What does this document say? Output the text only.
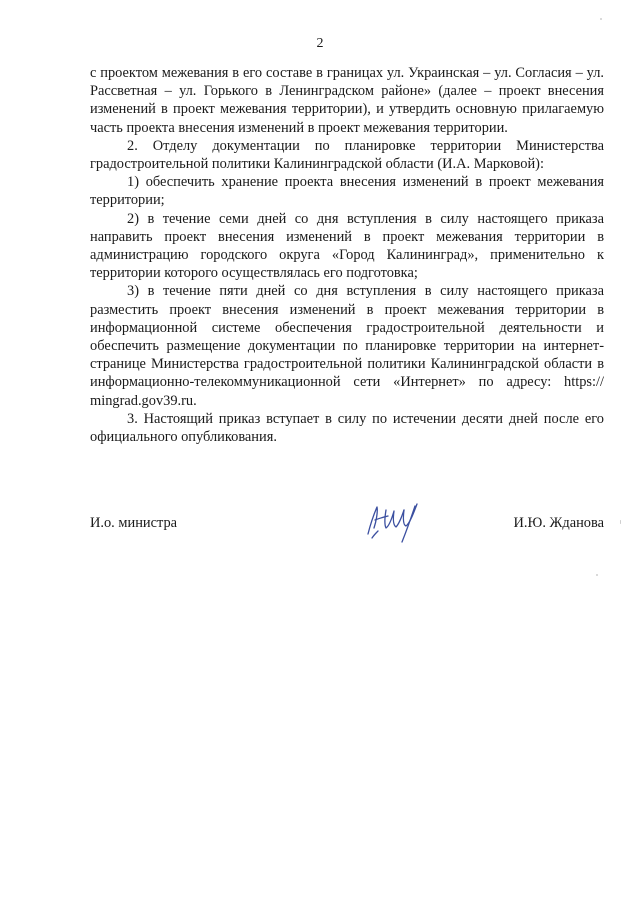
2

с проектом межевания в его составе в границах ул. Украинская – ул. Согласия – ул. Рассветная – ул. Горького в Ленинградском районе» (далее – проект внесения изменений в проект межевания территории), и утвердить основную прилагаемую часть проекта внесения изменений в проект межевания территории.

2. Отделу документации по планировке территории Министерства градостроительной политики Калининградской области (И.А. Марковой):

1) обеспечить хранение проекта внесения изменений в проект межевания территории;

2) в течение семи дней со дня вступления в силу настоящего приказа направить проект внесения изменений в проект межевания территории в администрацию городского округа «Город Калининград», применительно к территории которого осуществлялась его подготовка;

3) в течение пяти дней со дня вступления в силу настоящего приказа разместить проект внесения изменений в проект межевания территории в информационной системе обеспечения градостроительной деятельности и обеспечить размещение документации по планировке территории на интернет-странице Министерства градостроительной политики Калининградской области в информационно-телекоммуникационной сети «Интернет» по адресу: https:// mingrad.gov39.ru.

3. Настоящий приказ вступает в силу по истечении десяти дней после его официального опубликования.

И.о. министра	И.Ю. Жданова
